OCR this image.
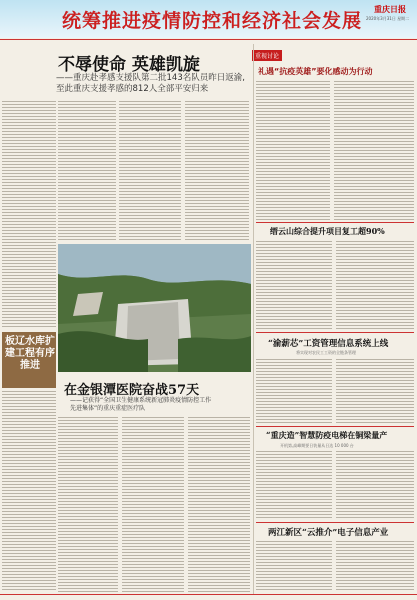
统筹推进疫情防控和经济社会发展
重庆日报
2020年3月31日 星期二
不辱使命 英雄凯旋
——重庆赴孝感支援队第二批143名队员昨日返渝,
至此重庆支援孝感的812人全部平安归来
板辽水库扩建工程有序推进
在金银潭医院奋战57天
——记获得“全国卫生健康系统新冠肺炎疫情防控工作
先进集体”的重庆重症医疗队
重视讨论
礼遇“抗疫英雄”要化感动为行动
缙云山综合提升项目复工超90%
“渝薪芯”工资管理信息系统上线
将实现对农民工工资的全链条管理
“重庆造”智慧防疫电梯在铜梁量产
开机第,高峰期要日装量从日达 10 000 台
两江新区“云推介”电子信息产业
